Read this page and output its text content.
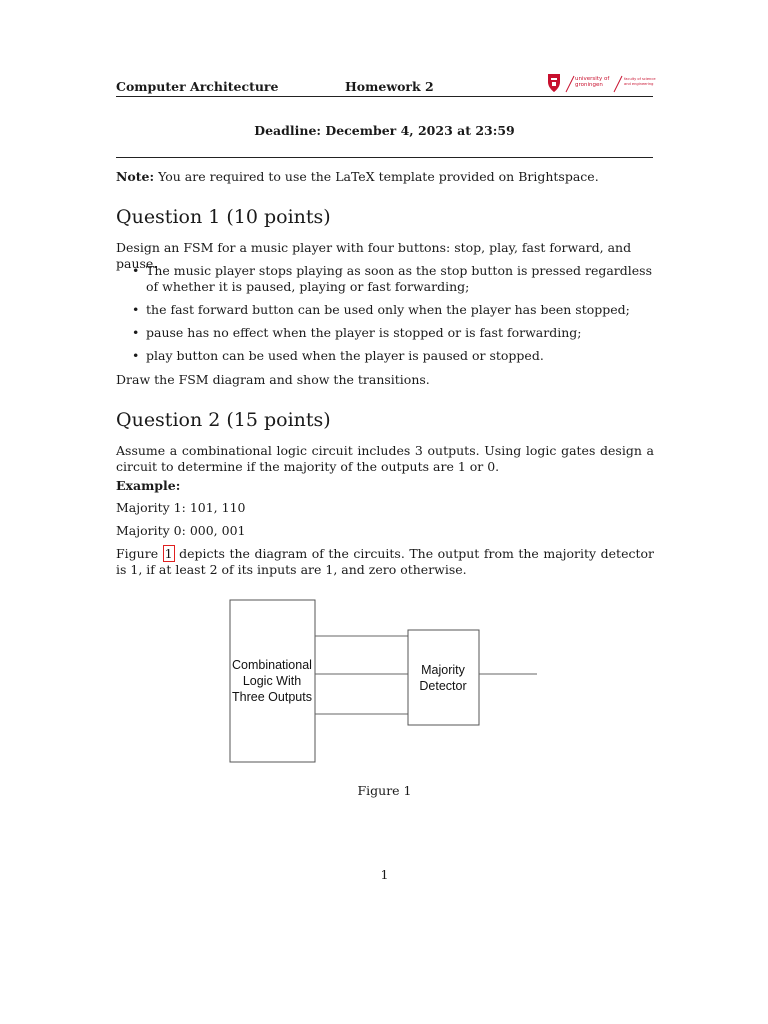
Computer Architecture	Homework 2	university of
groningen
faculty of science
and engineering
Deadline: December 4, 2023 at 23:59
Note: You are required to use the LaTeX template provided on Brightspace.
Question 1 (10 points)
Design an FSM for a music player with four buttons: stop, play, fast forward, and pause.
• The music player stops playing as soon as the stop button is pressed regardless of whether it is paused, playing or fast forwarding;
• the fast forward button can be used only when the player has been stopped;
• pause has no effect when the player is stopped or is fast forwarding;
• play button can be used when the player is paused or stopped.
Draw the FSM diagram and show the transitions.
Question 2 (15 points)
Assume a combinational logic circuit includes 3 outputs. Using logic gates design a circuit to determine if the majority of the outputs are 1 or 0.
Example:
Majority 1: 101, 110
Majority 0: 000, 001
Figure 1 depicts the diagram of the circuits. The output from the majority detector is 1, if at least 2 of its inputs are 1, and zero otherwise.
Combinational
Logic With
Three Outputs
Majority
Detector
Figure 1
1
